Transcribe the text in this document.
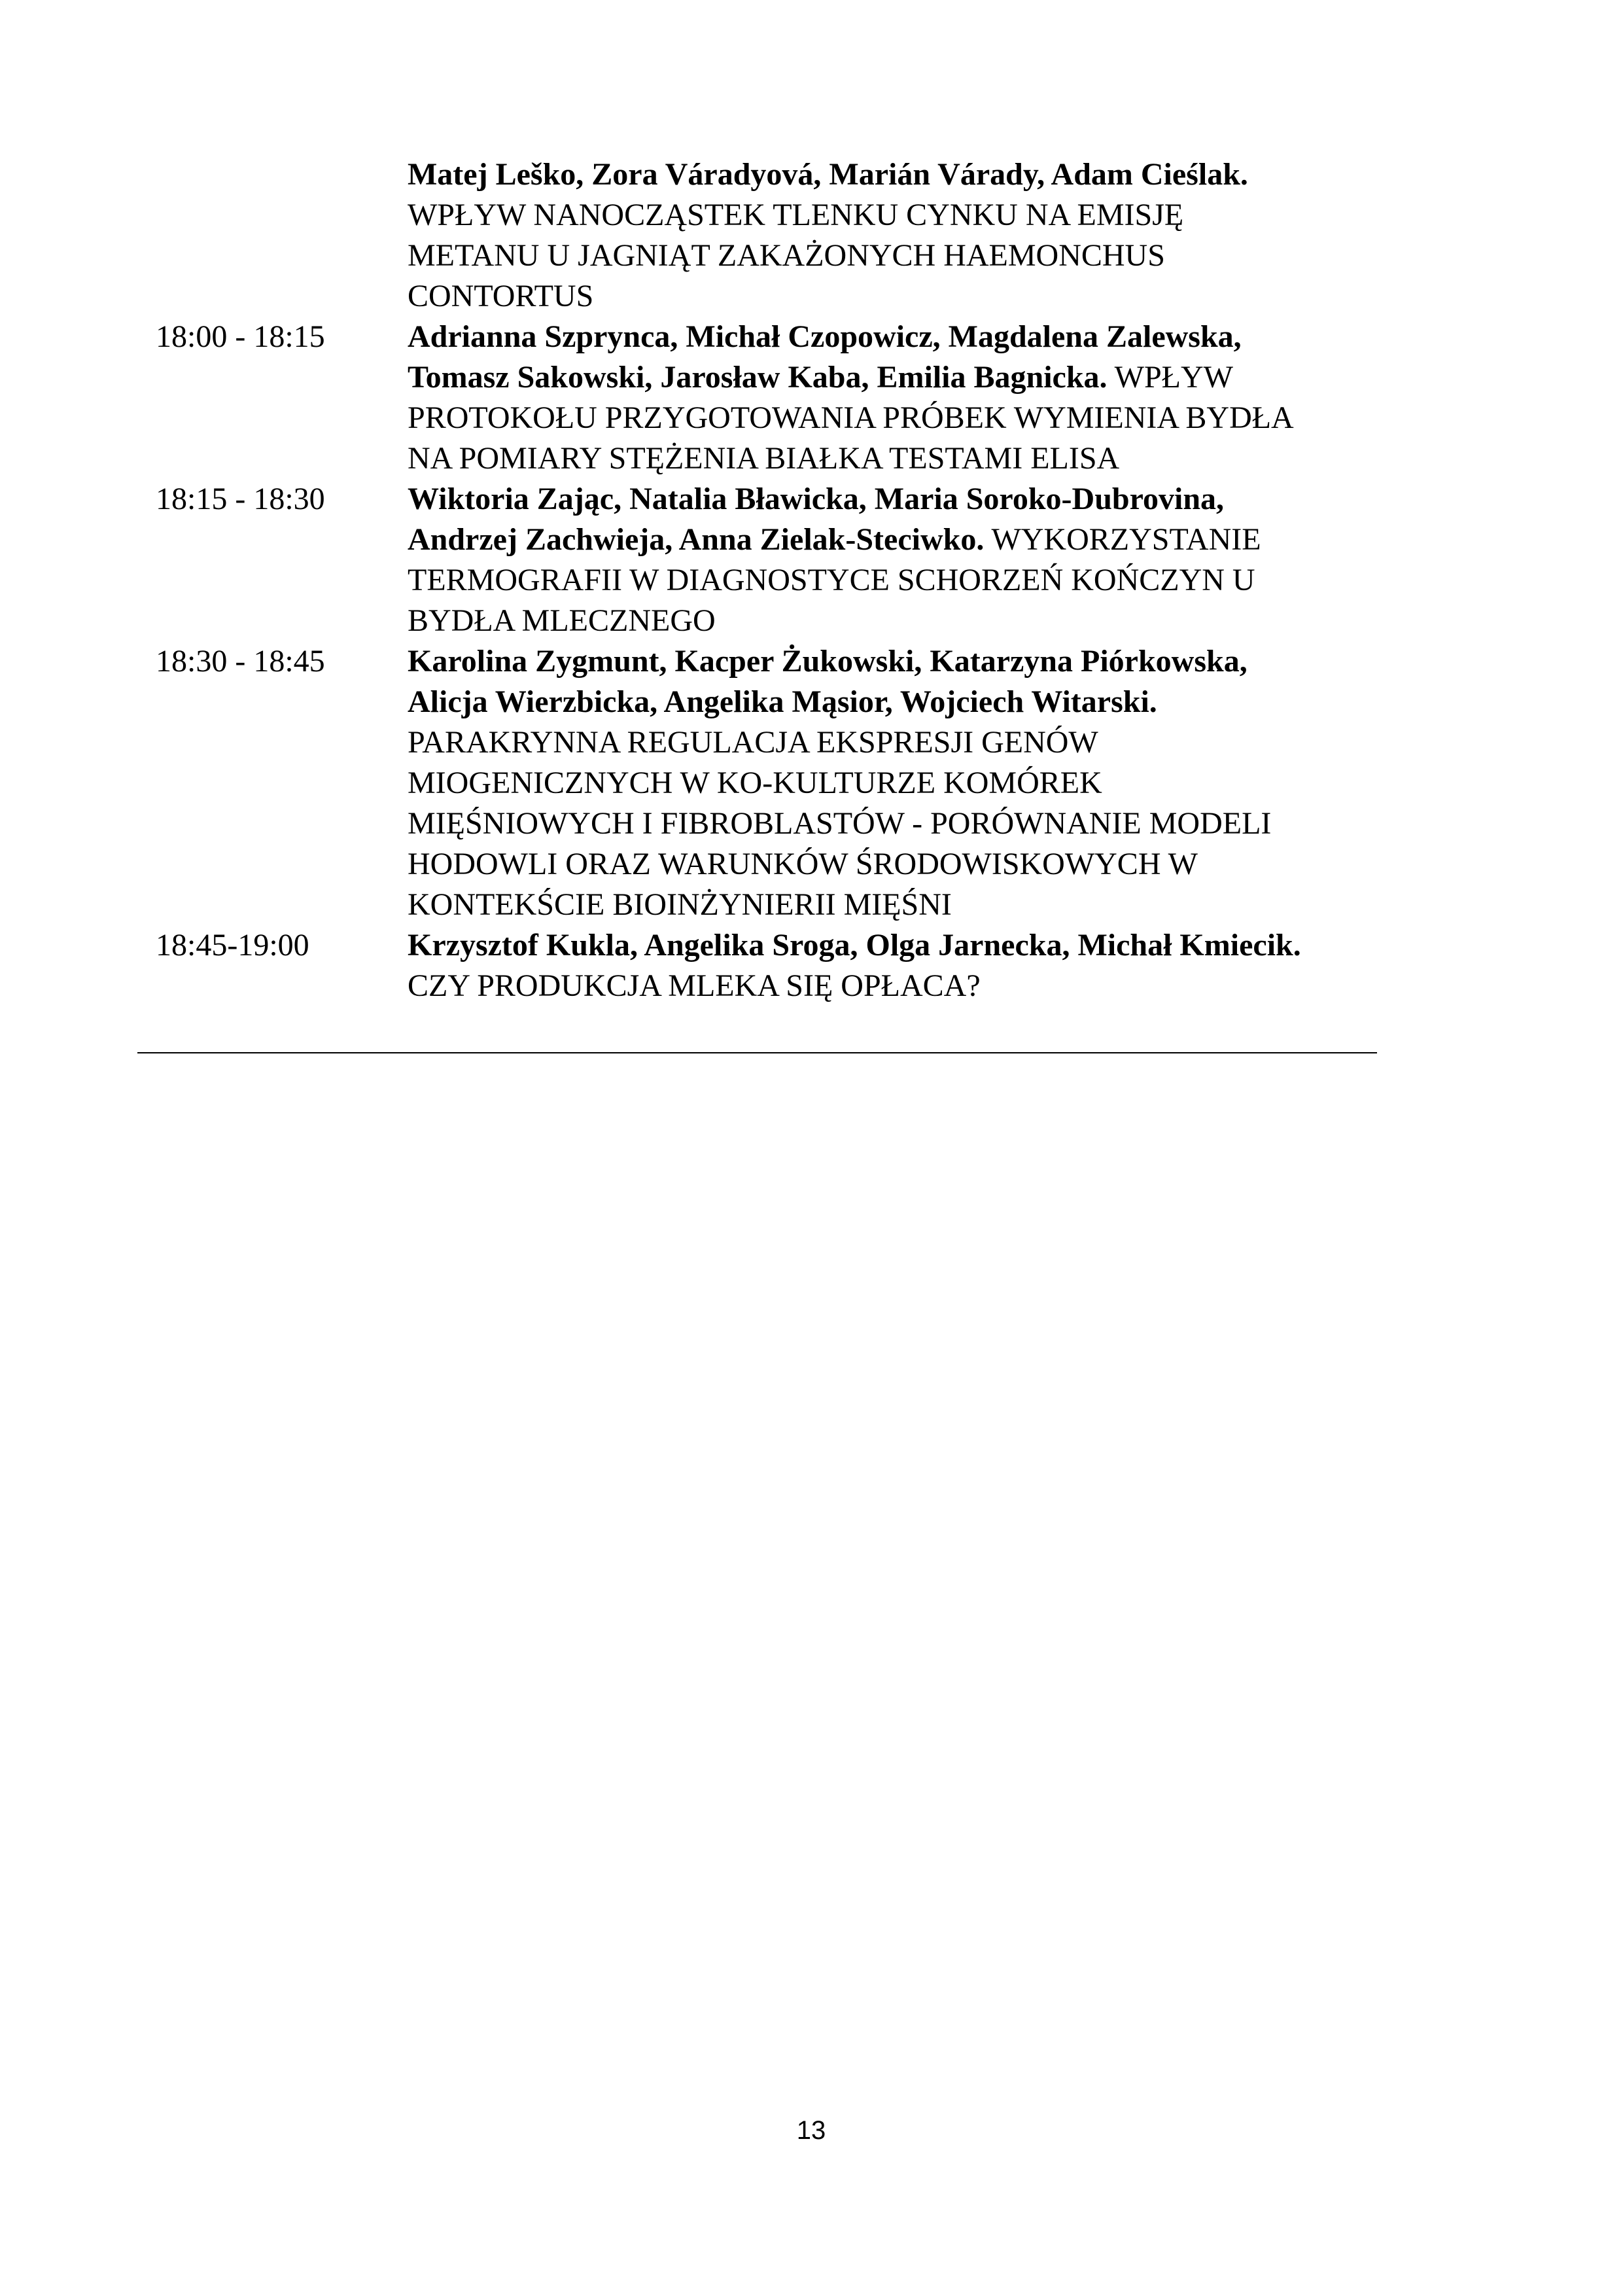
Matej Leško, Zora Váradyová, Marián Várady, Adam Cieślak.
WPŁYW NANOCZĄSTEK TLENKU CYNKU NA EMISJĘ
METANU U JAGNIĄT ZAKAŻONYCH HAEMONCHUS
CONTORTUS
18:00 - 18:15	Adrianna Szprynca, Michał Czopowicz, Magdalena Zalewska,
Tomasz Sakowski, Jarosław Kaba, Emilia Bagnicka. WPŁYW
PROTOKOŁU PRZYGOTOWANIA PRÓBEK WYMIENIA BYDŁA
NA POMIARY STĘŻENIA BIAŁKA TESTAMI ELISA
18:15 - 18:30	Wiktoria Zając, Natalia Bławicka, Maria Soroko-Dubrovina,
Andrzej Zachwieja, Anna Zielak-Steciwko. WYKORZYSTANIE
TERMOGRAFII W DIAGNOSTYCE SCHORZEŃ KOŃCZYN U
BYDŁA MLECZNEGO
18:30 - 18:45	Karolina Zygmunt, Kacper Żukowski, Katarzyna Piórkowska,
Alicja Wierzbicka, Angelika Mąsior, Wojciech Witarski.
PARAKRYNNA REGULACJA EKSPRESJI GENÓW
MIOGENICZNYCH W KO-KULTURZE KOMÓREK
MIĘŚNIOWYCH I FIBROBLASTÓW - PORÓWNANIE MODELI
HODOWLI ORAZ WARUNKÓW ŚRODOWISKOWYCH W
KONTEKŚCIE BIOINŻYNIERII MIĘŚNI
18:45-19:00	Krzysztof Kukla, Angelika Sroga, Olga Jarnecka, Michał Kmiecik.
CZY PRODUKCJA MLEKA SIĘ OPŁACA?
13
